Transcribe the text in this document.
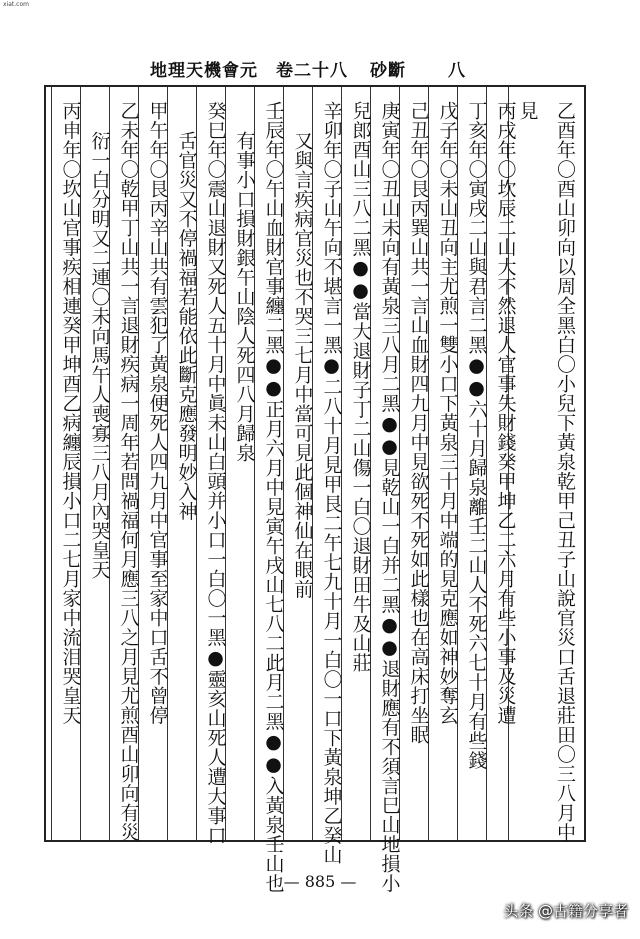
xiat.com
地理天機會元　卷二十八 砂斷 八
乙酉年〇酉山卯向以周全黑白〇小兒下黃泉乾甲己丑子山說官災口舌退莊田〇三八月中
見
丙戌年〇坎辰二山大不然退人官事失財錢癸甲坤乙二六月有些小事及災遭
丁亥年〇寅戌二山與君言二黑●●六十月歸泉離壬二山人不死六七十月有些錢
戊子年〇未山丑向主尤煎一雙小口下黃泉三十月中端的見克應如神妙奪玄
己丑年〇艮丙巽山共一言山血財四九月中見欲死不死如此樣也在高床打坐眠
庚寅年〇丑山未向有黃泉三八月二黑●●見乾山一白并二黑●●退財應有不須言巳山地損小
兒郎酉山三八二黑●●當大退財子丁二山傷一白〇退財田牛及山莊
辛卯年〇子山午向不堪言一黑●二八十月見甲艮二午七九十月一白〇一口下黃泉坤乙癸山
又與言疾病官災也不哭三七月中當可見此個神仙在眼前
壬辰年〇午山血財官事纏二黑●●正月六月中見寅午戌山七八二此月二黑●●入黃泉壬山也
有事小口損財銀午山陰人死四八月歸泉
癸巳年〇震山退財又死人五十月中眞未山白頭并小口一白〇一黑●靈亥山死人遭大事口
舌官災又不停禍福若能依此斷克應發明妙入神
甲午年〇艮丙辛山共有雲犯了黃泉便死人四九月中官事至家中口舌不曾停
乙未年〇乾甲丁山共一言退財疾病一周年若問禍福何月應三八之月見尤煎酉山卯向有災
衍一白分明又二連〇未向馬午人喪寡三八月內哭皇天
丙申年〇坎山官事疾相連癸甲坤酉乙病纏辰損小口二七月家中流泪哭皇天
— 885 —
头条 @古籍分享者
